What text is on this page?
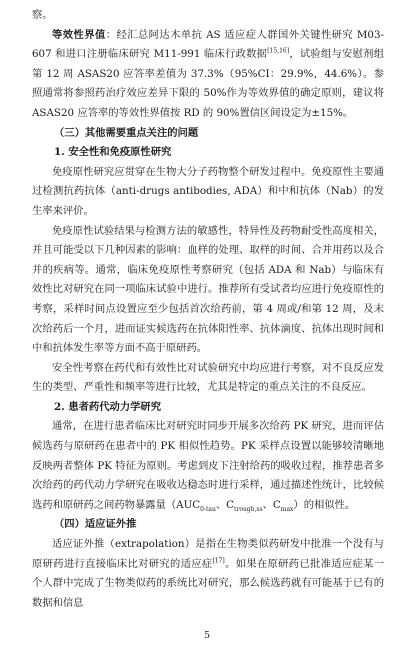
察。

等效性界值：经汇总阿达木单抗 AS 适应症人群国外关键性研究 M03-607 和进口注册临床研究 M11-991 临床行政数据[15,16]，试验组与安慰剂组第 12 周 ASAS20 应答率差值为 37.3%（95%CI：29.9%，44.6%）。参照通常将参照药治疗效应差异下限的 50%作为等效界值的确定原则，建议将 ASAS20 应答率的等效性界值按 RD 的 90%置信区间设定为±15%。

（三）其他需要重点关注的问题

1. 安全性和免疫原性研究

免疫原性研究应贯穿在生物大分子药物整个研发过程中。免疫原性主要通过检测抗药抗体（anti-drugs antibodies, ADA）和中和抗体（Nab）的发生率来评价。

免疫原性试验结果与检测方法的敏感性，特异性及药物耐受性高度相关，并且可能受以下几种因素的影响：血样的处理、取样的时间、合并用药以及合并的疾病等。通常，临床免疫原性考察研究（包括 ADA 和 Nab）与临床有效性比对研究在同一项临床试验中进行。推荐所有受试者均应进行免疫原性的考察，采样时间点设置应至少包括首次给药前，第 4 周或/和第 12 周，及末次给药后一个月，进而证实候选药在抗体阳性率、抗体滴度、抗体出现时间和中和抗体发生率等方面不高于原研药。

安全性考察在药代和有效性比对试验研究中均应进行考察，对不良反应发生的类型、严重性和频率等进行比较，尤其是特定的重点关注的不良反应。

2. 患者药代动力学研究

通常，在进行患者临床比对研究时同步开展多次给药 PK 研究，进而评估候选药与原研药在患者中的 PK 相似性趋势。PK 采样点设置以能够较清晰地反映两者整体 PK 特征为原则。考虑到皮下注射给药的吸收过程，推荐患者多次给药的药代动力学研究在吸收达稳态时进行采样，通过描述性统计，比较候选药和原研药之间药物暴露量（$AUC_{0-tau}$、$C_{trough,ss}$、$C_{max}$）的相似性。

（四）适应证外推

适应证外推（extrapolation）是指在生物类似药研发中批准一个没有与原研药进行直接临床比对研究的适应症[17]。如果在原研药已批准适应症某一个人群中完成了生物类似药的系统比对研究，那么候选药就有可能基于已有的数据和信息

5
